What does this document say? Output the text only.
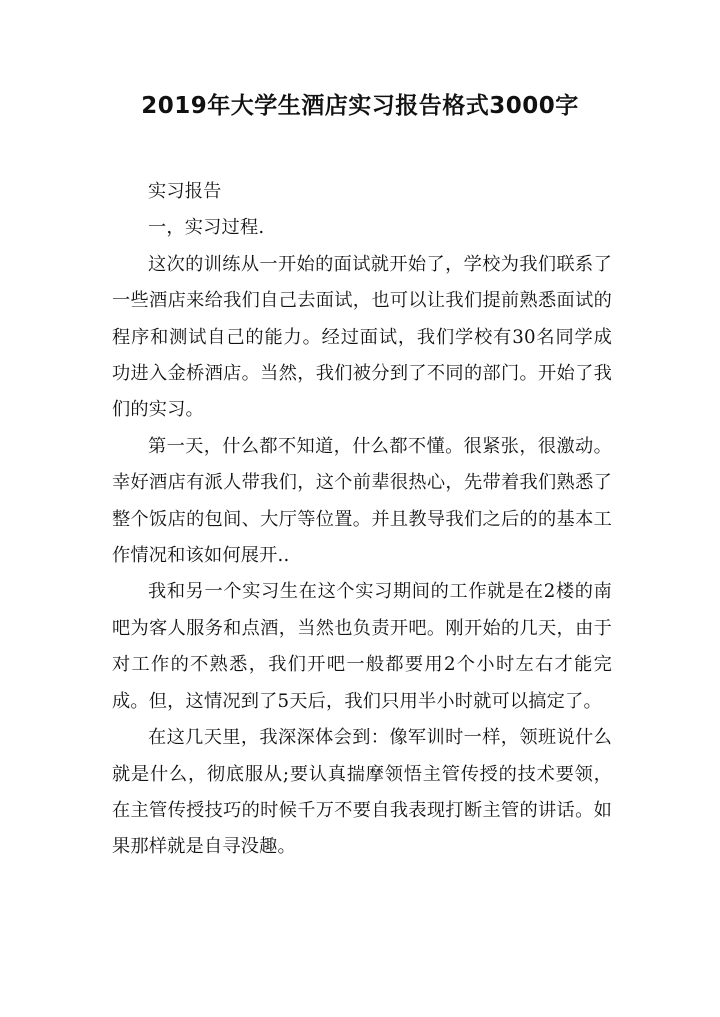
2019年大学生酒店实习报告格式3000字

实习报告

一，实习过程.

这次的训练从一开始的面试就开始了，学校为我们联系了一些酒店来给我们自己去面试，也可以让我们提前熟悉面试的程序和测试自己的能力。经过面试，我们学校有30名同学成功进入金桥酒店。当然，我们被分到了不同的部门。开始了我们的实习。

第一天，什么都不知道，什么都不懂。很紧张，很激动。幸好酒店有派人带我们，这个前辈很热心，先带着我们熟悉了整个饭店的包间、大厅等位置。并且教导我们之后的的基本工作情况和该如何展开..

我和另一个实习生在这个实习期间的工作就是在2楼的南吧为客人服务和点酒，当然也负责开吧。刚开始的几天，由于对工作的不熟悉，我们开吧一般都要用2个小时左右才能完成。但，这情况到了5天后，我们只用半小时就可以搞定了。

在这几天里，我深深体会到：像军训时一样，领班说什么就是什么，彻底服从;要认真揣摩领悟主管传授的技术要领，在主管传授技巧的时候千万不要自我表现打断主管的讲话。如果那样就是自寻没趣。
